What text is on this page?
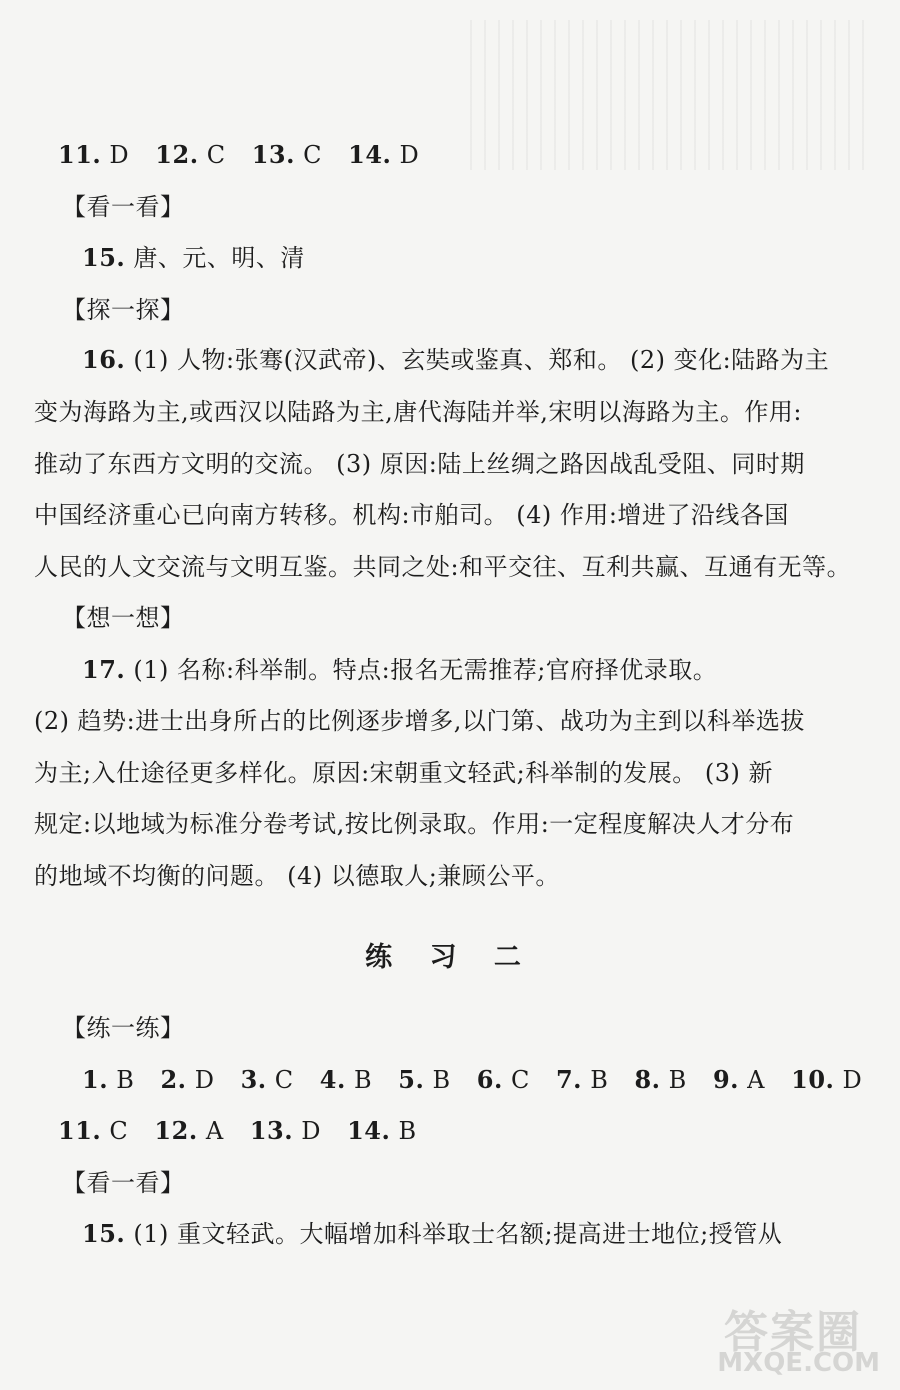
11. D 12. C 13. C 14. D
【看一看】
15. 唐、元、明、清
【探一探】
16. (1) 人物:张骞(汉武帝)、玄奘或鉴真、郑和。 (2) 变化:陆路为主
变为海路为主,或西汉以陆路为主,唐代海陆并举,宋明以海路为主。作用:
推动了东西方文明的交流。 (3) 原因:陆上丝绸之路因战乱受阻、同时期
中国经济重心已向南方转移。机构:市舶司。 (4) 作用:增进了沿线各国
人民的人文交流与文明互鉴。共同之处:和平交往、互利共赢、互通有无等。
【想一想】
17. (1) 名称:科举制。特点:报名无需推荐;官府择优录取。
(2) 趋势:进士出身所占的比例逐步增多,以门第、战功为主到以科举选拔
为主;入仕途径更多样化。原因:宋朝重文轻武;科举制的发展。 (3) 新
规定:以地域为标准分卷考试,按比例录取。作用:一定程度解决人才分布
的地域不均衡的问题。 (4) 以德取人;兼顾公平。
练 习 二
【练一练】
1. B 2. D 3. C 4. B 5. B 6. C 7. B 8. B 9. A 10. D
11. C 12. A 13. D 14. B
【看一看】
15. (1) 重文轻武。大幅增加科举取士名额;提高进士地位;授管从
答案圈
MXQE.COM
